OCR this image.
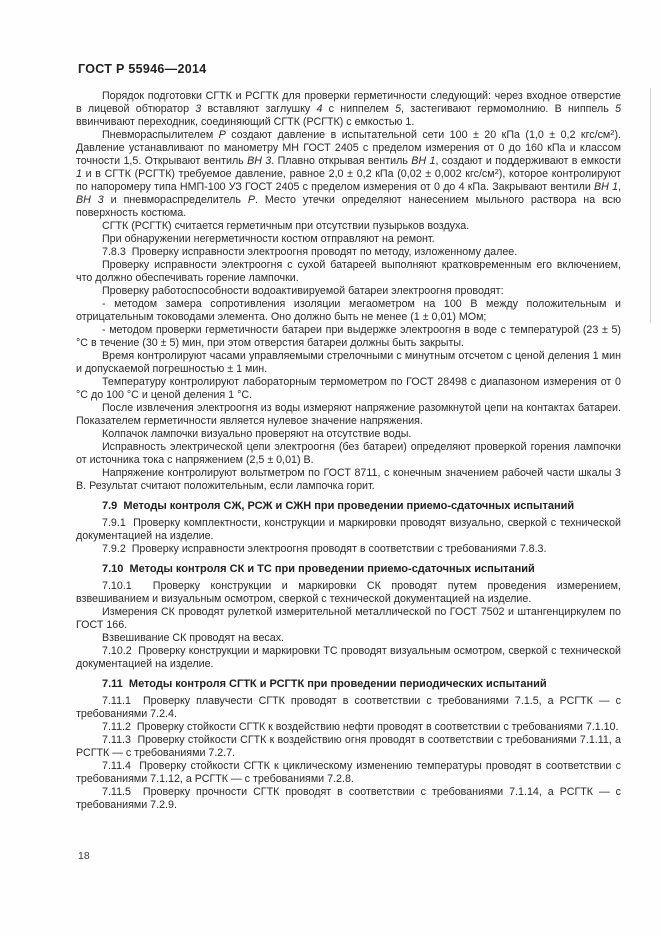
ГОСТ Р 55946—2014

Порядок подготовки СГТК и РСГТК для проверки герметичности следующий: через входное отверстие в лицевой обтюратор 3 вставляют заглушку 4 с ниппелем 5, застегивают гермомолнию. В ниппель 5 ввинчивают переходник, соединяющий СГТК (РСГТК) с емкостью 1.

Пневмораспылителем Р создают давление в испытательной сети 100 ± 20 кПа (1,0 ± 0,2 кгс/$см^2$). Давление устанавливают по манометру МН ГОСТ 2405 с пределом измерения от 0 до 160 кПа и классом точности 1,5. Открывают вентиль ВН 3. Плавно открывая вентиль ВН 1, создают и поддерживают в емкости 1 и в СГТК (РСГТК) требуемое давление, равное 2,0 ± 0,2 кПа (0,02 ± 0,002 кгс/$см^2$), которое контролируют по напоромеру типа НМП-100 УЗ ГОСТ 2405 с пределом измерения от 0 до 4 кПа. Закрывают вентили ВН 1, ВН 3 и пневмораспределитель Р. Место утечки определяют нанесением мыльного раствора на всю поверхность костюма.

СГТК (РСГТК) считается герметичным при отсутствии пузырьков воздуха.

При обнаружении негерметичности костюм отправляют на ремонт.

7.8.3  Проверку исправности электроогня проводят по методу, изложенному далее.

Проверку исправности электроогня с сухой батареей выполняют кратковременным его включением, что должно обеспечивать горение лампочки.

Проверку работоспособности водоактивируемой батареи электроогня проводят:

- методом замера сопротивления изоляции мегаометром на 100 В между положительным и отрицательным тоководами элемента. Оно должно быть не менее (1 ± 0,01) МОм;

- методом проверки герметичности батареи при выдержке электроогня в воде с температурой (23 ± 5) °С в течение (30 ± 5) мин, при этом отверстия батареи должны быть закрыты.

Время контролируют часами управляемыми стрелочными с минутным отсчетом с ценой деления 1 мин и допускаемой погрешностью ± 1 мин.

Температуру контролируют лабораторным термометром по ГОСТ 28498 с диапазоном измерения от 0 °С до 100 °С и ценой деления 1 °С.

После извлечения электроогня из воды измеряют напряжение разомкнутой цепи на контактах батареи. Показателем герметичности является нулевое значение напряжения.

Колпачок лампочки визуально проверяют на отсутствие воды.

Исправность электрической цепи электроогня (без батареи) определяют проверкой горения лампочки от источника тока с напряжением (2,5 ± 0,01) В.

Напряжение контролируют вольтметром по ГОСТ 8711, с конечным значением рабочей части шкалы 3 В. Результат считают положительным, если лампочка горит.

7.9  Методы контроля СЖ, РСЖ и СЖН при проведении приемо-сдаточных испытаний

7.9.1  Проверку комплектности, конструкции и маркировки проводят визуально, сверкой с технической документацией на изделие.

7.9.2  Проверку исправности электроогня проводят в соответствии с требованиями 7.8.3.

7.10  Методы контроля СК и ТС при проведении приемо-сдаточных испытаний

7.10.1  Проверку конструкции и маркировки СК проводят путем проведения измерением, взвешиванием и визуальным осмотром, сверкой с технической документацией на изделие.

Измерения СК проводят рулеткой измерительной металлической по ГОСТ 7502 и штангенциркулем по ГОСТ 166.

Взвешивание СК проводят на весах.

7.10.2  Проверку конструкции и маркировки ТС проводят визуальным осмотром, сверкой с технической документацией на изделие.

7.11  Методы контроля СГТК и РСГТК при проведении периодических испытаний

7.11.1  Проверку плавучести СГТК проводят в соответствии с требованиями 7.1.5, а РСГТК — с требованиями 7.2.4.

7.11.2  Проверку стойкости СГТК к воздействию нефти проводят в соответствии с требованиями 7.1.10.

7.11.3  Проверку стойкости СГТК к воздействию огня проводят в соответствии с требованиями 7.1.11, а РСГТК — с требованиями 7.2.7.

7.11.4  Проверку стойкости СГТК к циклическому изменению температуры проводят в соответствии с требованиями 7.1.12, а РСГТК — с требованиями 7.2.8.

7.11.5  Проверку прочности СГТК проводят в соответствии с требованиями 7.1.14, а РСГТК — с требованиями 7.2.9.

18
